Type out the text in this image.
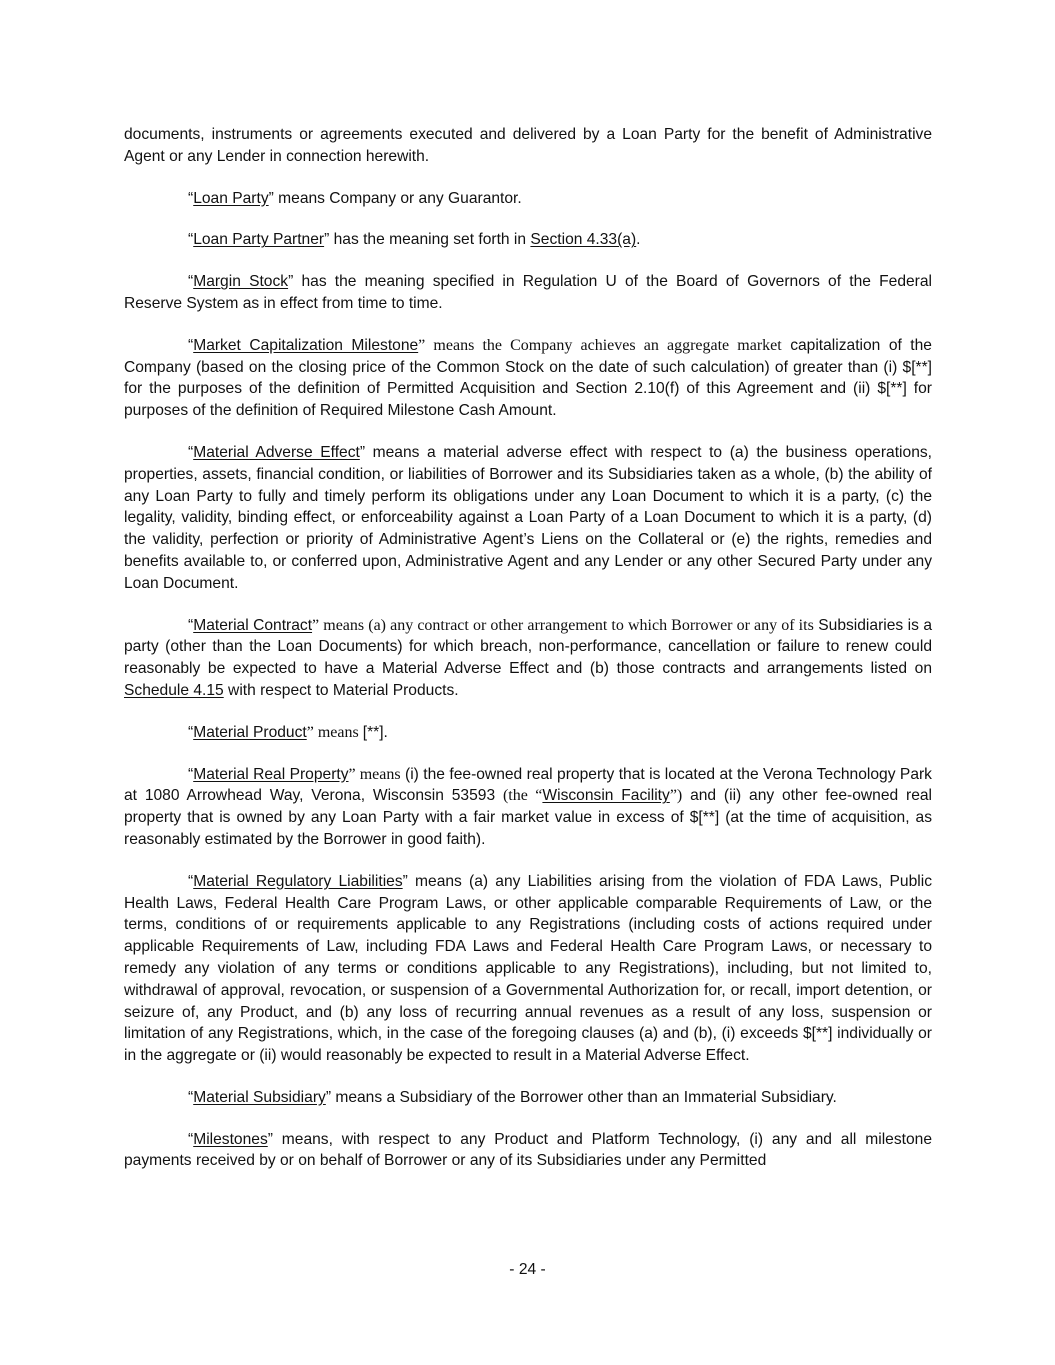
documents, instruments or agreements executed and delivered by a Loan Party for the benefit of Administrative Agent or any Lender in connection herewith.

“Loan Party” means Company or any Guarantor.

“Loan Party Partner” has the meaning set forth in Section 4.33(a).

“Margin Stock” has the meaning specified in Regulation U of the Board of Governors of the Federal Reserve System as in effect from time to time.

“Market Capitalization Milestone” means the Company achieves an aggregate market capitalization of the Company (based on the closing price of the Common Stock on the date of such calculation) of greater than (i) $[**] for the purposes of the definition of Permitted Acquisition and Section 2.10(f) of this Agreement and (ii) $[**] for purposes of the definition of Required Milestone Cash Amount.

“Material Adverse Effect” means a material adverse effect with respect to (a) the business operations, properties, assets, financial condition, or liabilities of Borrower and its Subsidiaries taken as a whole, (b) the ability of any Loan Party to fully and timely perform its obligations under any Loan Document to which it is a party, (c) the legality, validity, binding effect, or enforceability against a Loan Party of a Loan Document to which it is a party, (d) the validity, perfection or priority of Administrative Agent’s Liens on the Collateral or (e) the rights, remedies and benefits available to, or conferred upon, Administrative Agent and any Lender or any other Secured Party under any Loan Document.

“Material Contract” means (a) any contract or other arrangement to which Borrower or any of its Subsidiaries is a party (other than the Loan Documents) for which breach, non-performance, cancellation or failure to renew could reasonably be expected to have a Material Adverse Effect and (b) those contracts and arrangements listed on Schedule 4.15 with respect to Material Products.

“Material Product” means [**].

“Material Real Property” means (i) the fee-owned real property that is located at the Verona Technology Park at 1080 Arrowhead Way, Verona, Wisconsin 53593 (the “Wisconsin Facility”) and (ii) any other fee-owned real property that is owned by any Loan Party with a fair market value in excess of $[**] (at the time of acquisition, as reasonably estimated by the Borrower in good faith).

“Material Regulatory Liabilities” means (a) any Liabilities arising from the violation of FDA Laws, Public Health Laws, Federal Health Care Program Laws, or other applicable comparable Requirements of Law, or the terms, conditions of or requirements applicable to any Registrations (including costs of actions required under applicable Requirements of Law, including FDA Laws and Federal Health Care Program Laws, or necessary to remedy any violation of any terms or conditions applicable to any Registrations), including, but not limited to, withdrawal of approval, revocation, or suspension of a Governmental Authorization for, or recall, import detention, or seizure of, any Product, and (b) any loss of recurring annual revenues as a result of any loss, suspension or limitation of any Registrations, which, in the case of the foregoing clauses (a) and (b), (i) exceeds $[**] individually or in the aggregate or (ii) would reasonably be expected to result in a Material Adverse Effect.

“Material Subsidiary” means a Subsidiary of the Borrower other than an Immaterial Subsidiary.

“Milestones” means, with respect to any Product and Platform Technology, (i) any and all milestone payments received by or on behalf of Borrower or any of its Subsidiaries under any Permitted

- 24 -
